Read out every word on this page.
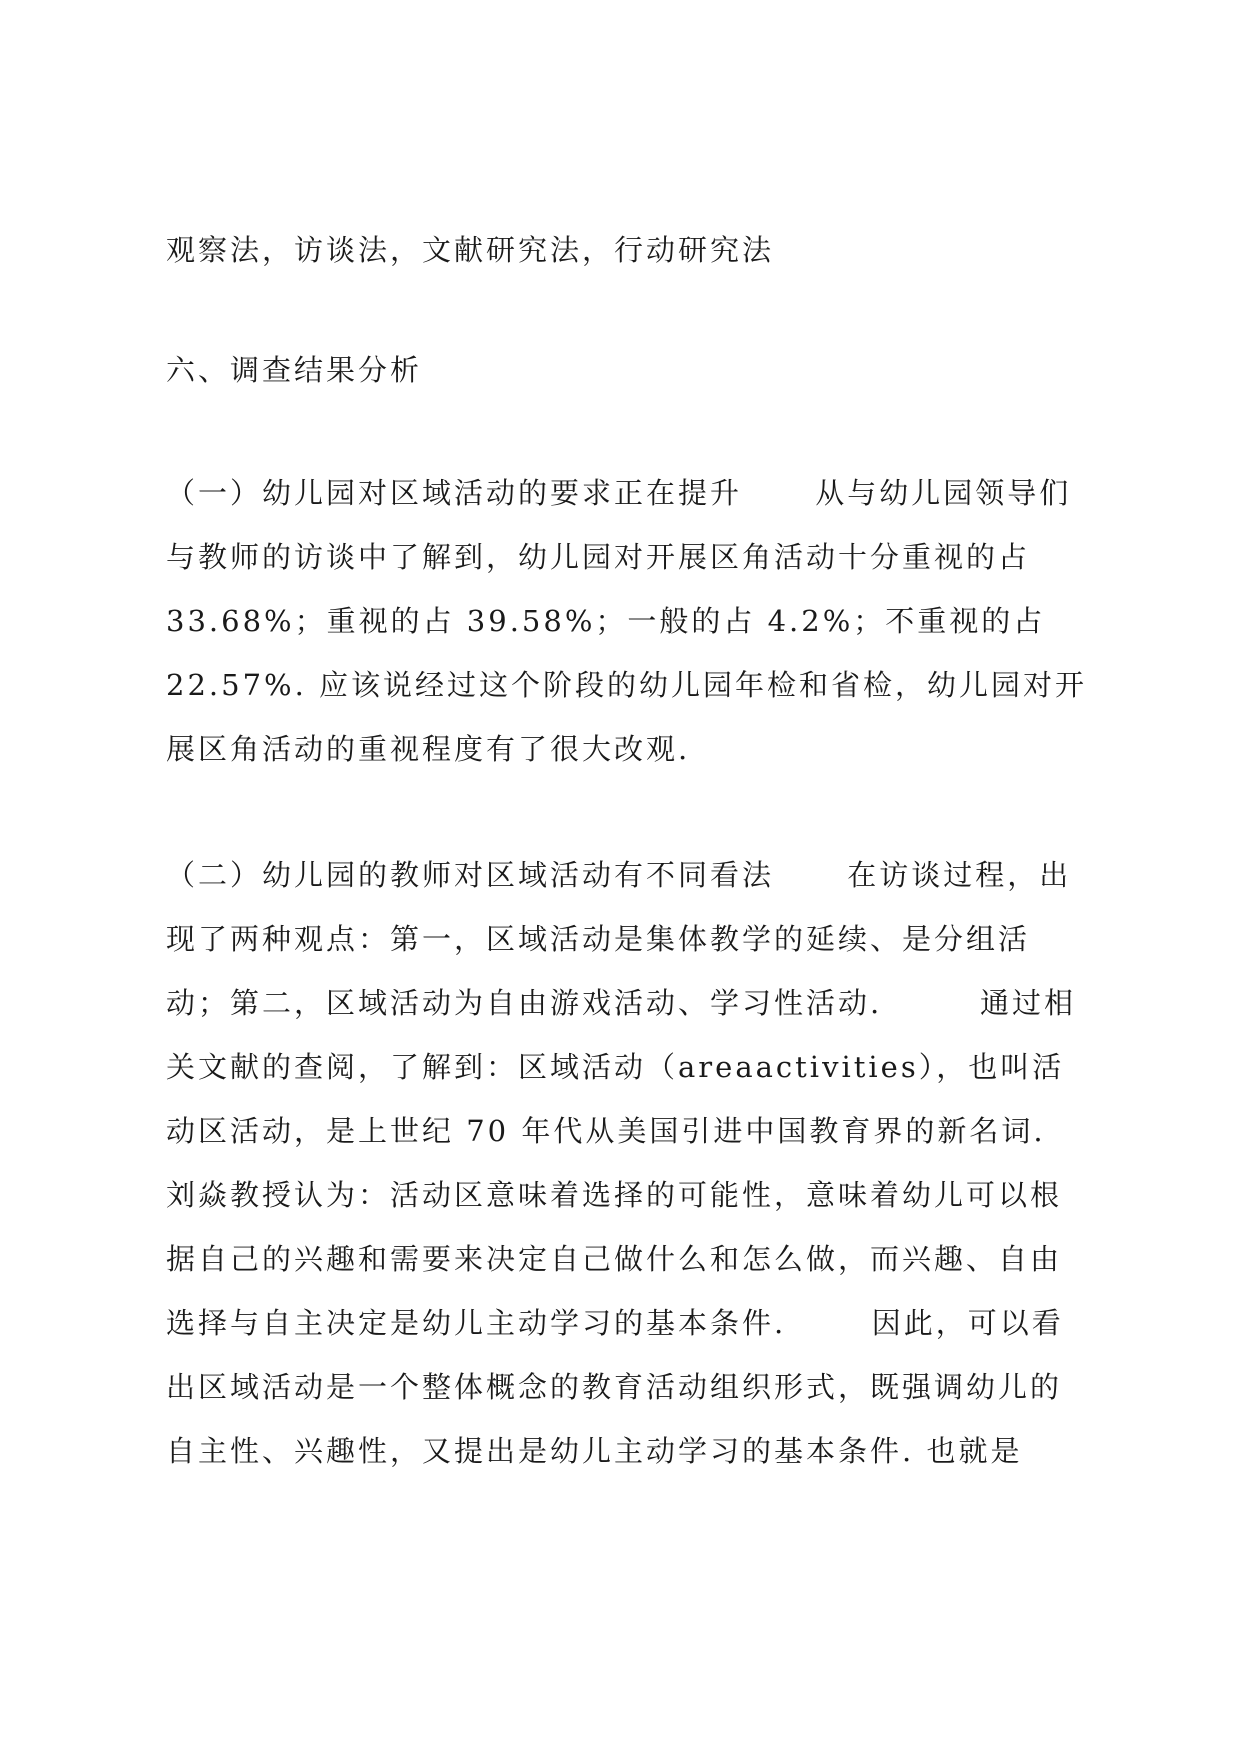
观察法，访谈法，文献研究法，行动研究法
六、调查结果分析
（一）幼儿园对区域活动的要求正在提升      从与幼儿园领导们
与教师的访谈中了解到，幼儿园对开展区角活动十分重视的占
33.68%；重视的占 39.58%；一般的占 4.2%；不重视的占
22.57%. 应该说经过这个阶段的幼儿园年检和省检，幼儿园对开
展区角活动的重视程度有了很大改观.
（二）幼儿园的教师对区域活动有不同看法      在访谈过程，出
现了两种观点：第一，区域活动是集体教学的延续、是分组活
动；第二，区域活动为自由游戏活动、学习性活动.        通过相
关文献的查阅，了解到：区域活动（areaactivities），也叫活
动区活动，是上世纪 70 年代从美国引进中国教育界的新名词.
刘焱教授认为：活动区意味着选择的可能性，意味着幼儿可以根
据自己的兴趣和需要来决定自己做什么和怎么做，而兴趣、自由
选择与自主决定是幼儿主动学习的基本条件.       因此，可以看
出区域活动是一个整体概念的教育活动组织形式，既强调幼儿的
自主性、兴趣性，又提出是幼儿主动学习的基本条件. 也就是
